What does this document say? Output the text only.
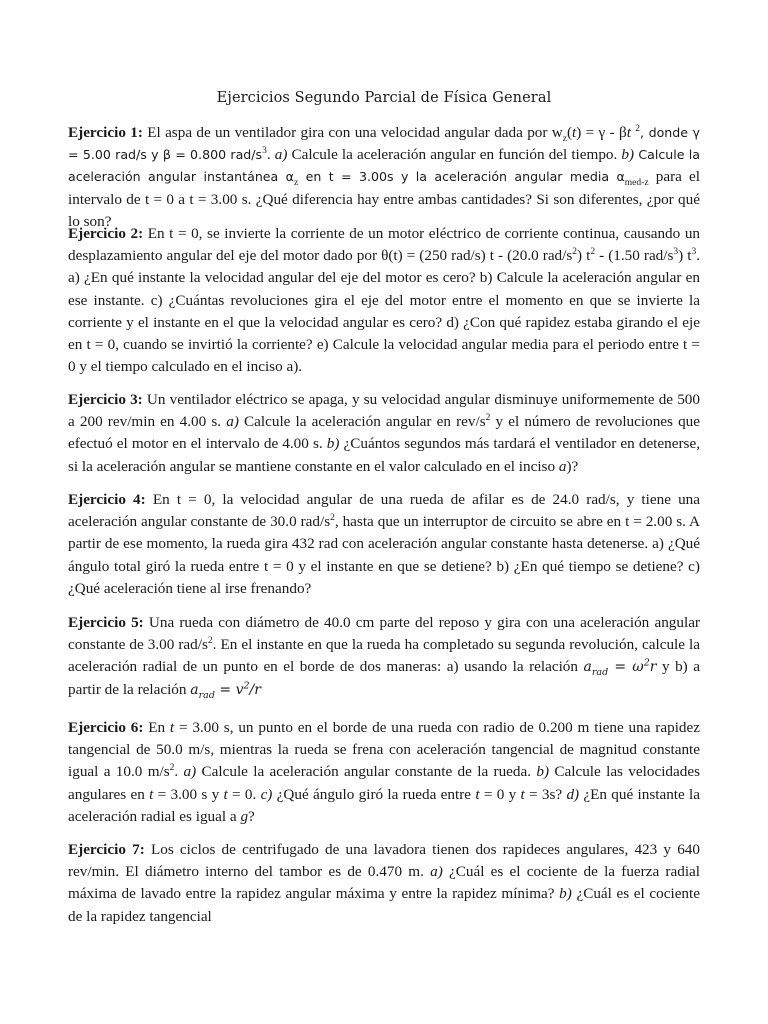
Ejercicios Segundo Parcial de Física General

Ejercicio 1: El aspa de un ventilador gira con una velocidad angular dada por $w_z(t) = \gamma - \beta t$ $^2$, donde γ = 5.00 rad/s y β = 0.800 rad/$s^3$. a) Calcule la aceleración angular en función del tiempo. b) Calcule la aceleración angular instantánea $\alpha_z$ en t = 3.00s y la aceleración angular media $\alpha_{med-z}$ para el intervalo de t = 0 a t = 3.00 s. ¿Qué diferencia hay entre ambas cantidades? Si son diferentes, ¿por qué lo son?

Ejercicio 2: En t = 0, se invierte la corriente de un motor eléctrico de corriente continua, causando un desplazamiento angular del eje del motor dado por θ(t) = (250 rad/s) t - (20.0 rad/$s^2$) $t^2 - (1.50$ rad/$s^3$) $t^3$. a) ¿En qué instante la velocidad angular del eje del motor es cero? b) Calcule la aceleración angular en ese instante. c) ¿Cuántas revoluciones gira el eje del motor entre el momento en que se invierte la corriente y el instante en el que la velocidad angular es cero? d) ¿Con qué rapidez estaba girando el eje en t = 0, cuando se invirtió la corriente? e) Calcule la velocidad angular media para el periodo entre t = 0 y el tiempo calculado en el inciso a).

Ejercicio 3: Un ventilador eléctrico se apaga, y su velocidad angular disminuye uniformemente de 500 a 200 rev/min en 4.00 s. a) Calcule la aceleración angular en rev/$s^2$ y el número de revoluciones que efectuó el motor en el intervalo de 4.00 s. b) ¿Cuántos segundos más tardará el ventilador en detenerse, si la aceleración angular se mantiene constante en el valor calculado en el inciso a)?

Ejercicio 4: En t = 0, la velocidad angular de una rueda de afilar es de 24.0 rad/s, y tiene una aceleración angular constante de 30.0 rad/$s^2$, hasta que un interruptor de circuito se abre en t = 2.00 s. A partir de ese momento, la rueda gira 432 rad con aceleración angular constante hasta detenerse. a) ¿Qué ángulo total giró la rueda entre t = 0 y el instante en que se detiene? b) ¿En qué tiempo se detiene? c) ¿Qué aceleración tiene al irse frenando?

Ejercicio 5: Una rueda con diámetro de 40.0 cm parte del reposo y gira con una aceleración angular constante de 3.00 rad/$s^2$. En el instante en que la rueda ha completado su segunda revolución, calcule la aceleración radial de un punto en el borde de dos maneras: a) usando la relación $a_{rad} = \omega^2r$ y b) a partir de la relación $a_{rad} = v^2/r$

Ejercicio 6: En t = 3.00 s, un punto en el borde de una rueda con radio de 0.200 m tiene una rapidez tangencial de 50.0 m/s, mientras la rueda se frena con aceleración tangencial de magnitud constante igual a 10.0 $m/s^2$. a) Calcule la aceleración angular constante de la rueda. b) Calcule las velocidades angulares en t = 3.00 s y t = 0. c) ¿Qué ángulo giró la rueda entre t = 0 y t = 3s? d) ¿En qué instante la aceleración radial es igual a g?

Ejercicio 7: Los ciclos de centrifugado de una lavadora tienen dos rapideces angulares, 423 y 640 rev/min. El diámetro interno del tambor es de 0.470 m. a) ¿Cuál es el cociente de la fuerza radial máxima de lavado entre la rapidez angular máxima y entre la rapidez mínima? b) ¿Cuál es el cociente de la rapidez tangencial
